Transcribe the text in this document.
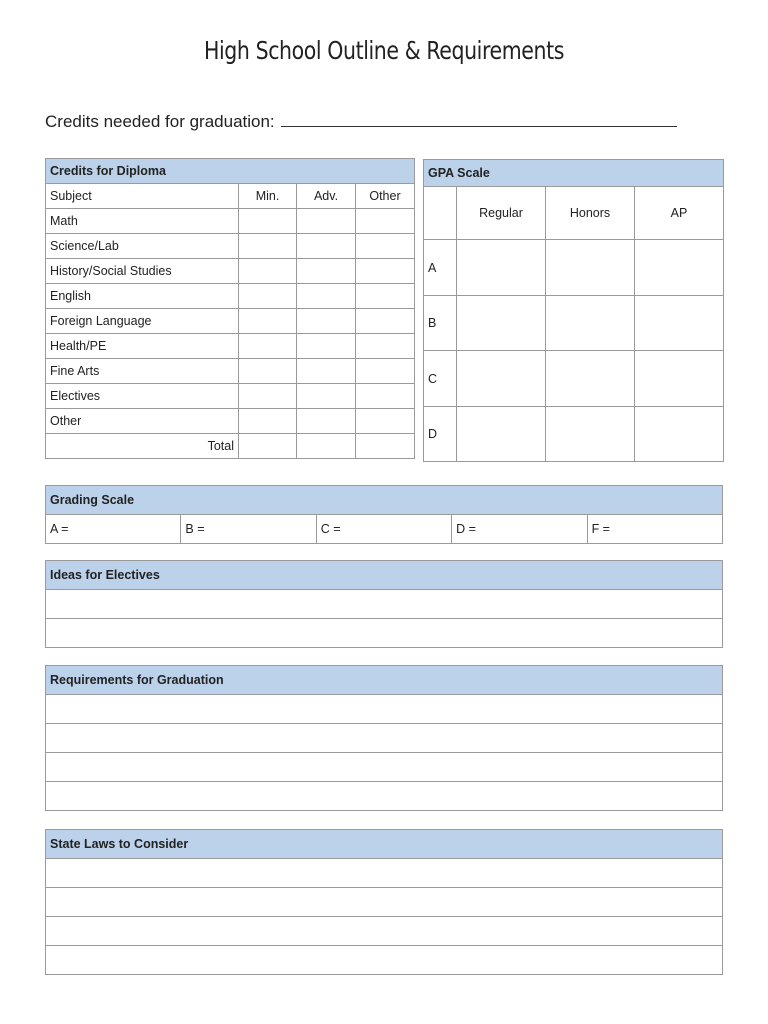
High School Outline & Requirements
Credits needed for graduation:
Credits for Diploma			
Subject	Min.	Adv.	Other
Math			
Science/Lab			
History/Social Studies			
English			
Foreign Language			
Health/PE			
Fine Arts			
Electives			
Other			
Total			
GPA Scale			
	Regular	Honors	AP
A			
B			
C			
D			
Grading Scale
A =	B =	C =	D =	F =
Ideas for Electives

Requirements for Graduation

State Laws to Consider
